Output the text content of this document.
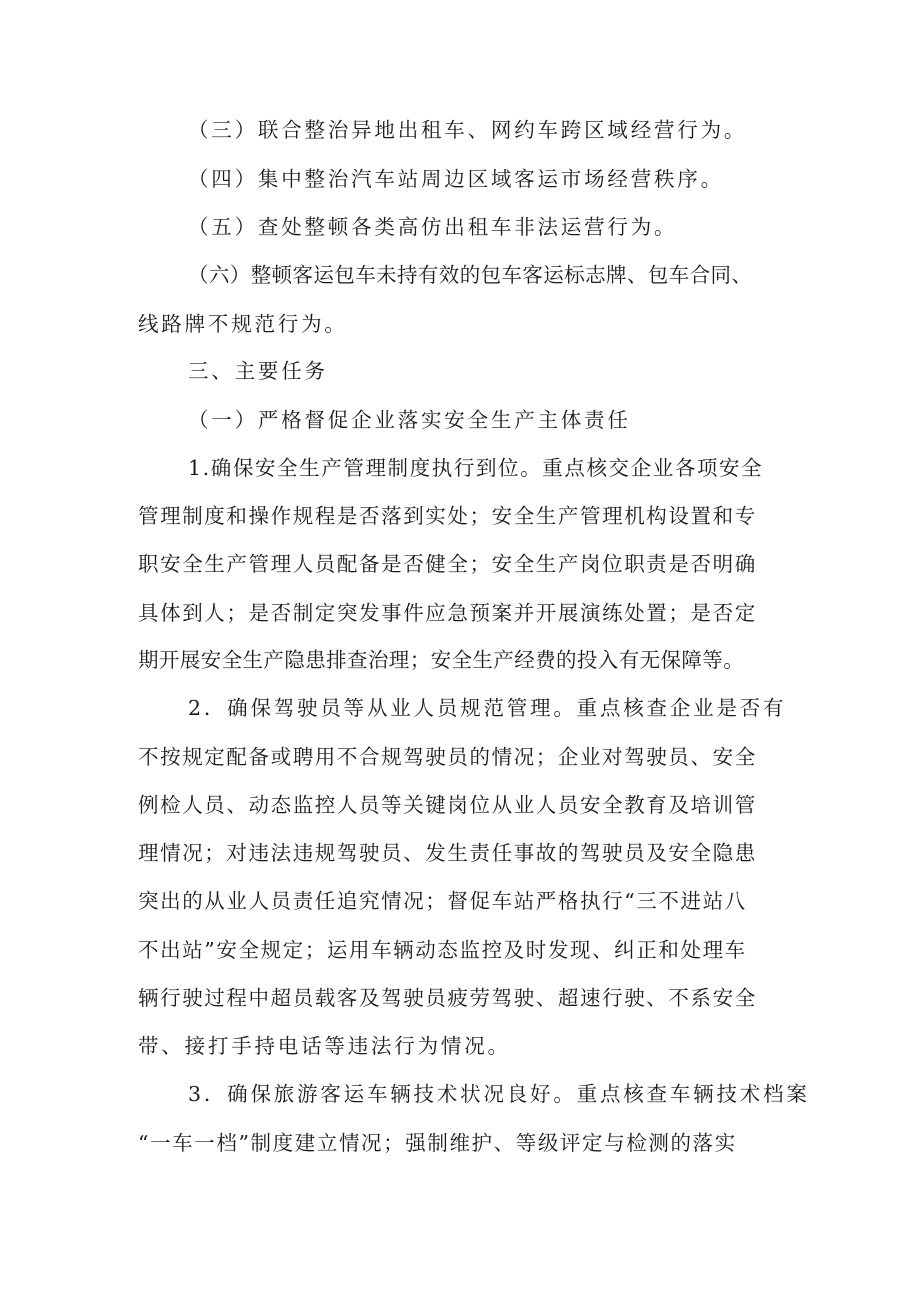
（三）联合整治异地出租车、网约车跨区域经营行为。
（四）集中整治汽车站周边区域客运市场经营秩序。
（五）查处整顿各类高仿出租车非法运营行为。
（六）整顿客运包车未持有效的包车客运标志牌、包车合同、
线路牌不规范行为。
三、主要任务
（一）严格督促企业落实安全生产主体责任
1.确保安全生产管理制度执行到位。重点核交企业各项安全
管理制度和操作规程是否落到实处；安全生产管理机构设置和专
职安全生产管理人员配备是否健全；安全生产岗位职责是否明确
具体到人；是否制定突发事件应急预案并开展演练处置；是否定
期开展安全生产隐患排查治理；安全生产经费的投入有无保障等。
2．确保驾驶员等从业人员规范管理。重点核查企业是否有
不按规定配备或聘用不合规驾驶员的情况；企业对驾驶员、安全
例检人员、动态监控人员等关键岗位从业人员安全教育及培训管
理情况；对违法违规驾驶员、发生责任事故的驾驶员及安全隐患
突出的从业人员责任追究情况；督促车站严格执行“三不进站八
不出站”安全规定；运用车辆动态监控及时发现、纠正和处理车
辆行驶过程中超员载客及驾驶员疲劳驾驶、超速行驶、不系安全
带、接打手持电话等违法行为情况。
3．确保旅游客运车辆技术状况良好。重点核查车辆技术档案
“一车一档”制度建立情况；强制维护、等级评定与检测的落实
